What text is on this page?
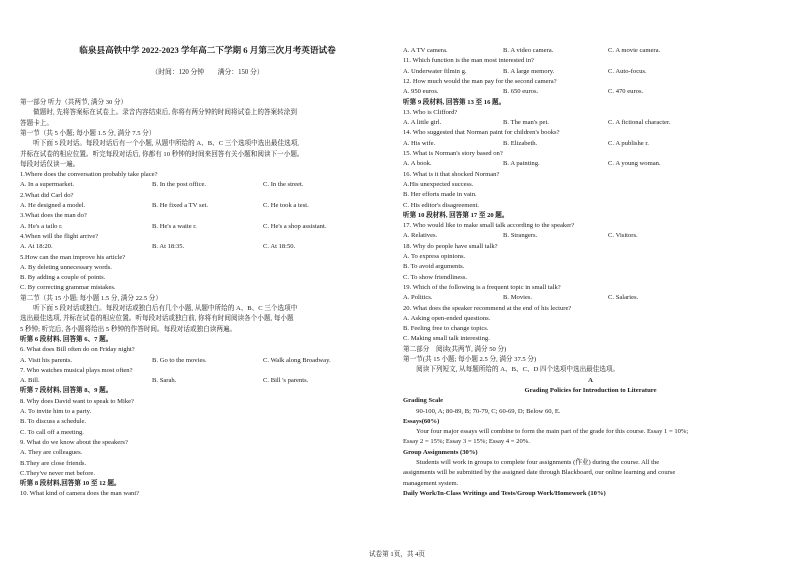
临泉县高铁中学 2022-2023 学年高二下学期 6 月第三次月考英语试卷
（时间：120 分钟　　满分：150 分）
第一部分 听力（共两节, 满分 30 分）
　　做题时, 先将答案标在试卷上。录音内容结束后, 你将有两分钟的时间将试卷上的答案转涂到
答题卡上。
第一节（共 5 小题; 每小题 1.5 分, 满分 7.5 分）
　　听下面 5 段对话。每段对话后有一个小题, 从题中所给的 A、B、C 三个选项中选出最佳选项,
并标在试卷的相应位置。听完每段对话后, 你都有 10 秒钟的时间来回答有关小题和阅读下一小题。
每段对话仅读一遍。
1.Where does the conversation probably take place?
A. In a supermarket.	B. In the post office.	C. In the street.
2.What did Carl do?
A. He designed a model.	B. He fixed a TV set.	C. He took a test.
3.What does the man do?
A. He's a tailo r.	B. He's a waite r.	C. He's a shop assistant.
4.When will the flight arrive?
A. At 18:20.	B. At 18:35.	C. At 18:50.
5.How can the man improve his article?
A. By deleting unnecessary words.
B. By adding a couple of points.
C. By correcting grammar mistakes.
第二节（共 15 小题; 每小题 1.5 分, 满分 22.5 分）
　　听下面 5 段对话或独白。每段对话或独白后有几个小题, 从题中所给的 A、B、C 三个选项中
选出最佳选项, 并标在试卷的相应位置。听每段对话或独白前, 你将有时间阅读各个小题, 每小题
5 秒钟; 听完后, 各小题将给出 5 秒钟的作答时间。每段对话或独白读两遍。
听第 6 段材料, 回答第 6、7 题。
6. What does Bill often do on Friday night?
A. Visit his parents.	B. Go to the movies.	C. Walk along Broadway.
7. Who watches musical plays most often?
A. Bill.	B. Sarah.	C. Bill 's parents.
听第 7 段材料, 回答第 8、9 题。
8. Why does David want to speak to Mike?
A. To invite him to a party.
B. To discuss a schedule.
C. To call off a meeting.
9. What do we know about the speakers?
A. They are colleagues.
B.They are close friends.
C.They've never met before.
听第 8 段材料,回答第 10 至 12 题。
10. What kind of camera does the man want?
A. A TV camera.	B. A video camera.	C. A movie camera.
11. Which function is the man most interested in?
A. Underwater filmin g.	B. A large memory.	C. Auto-focus.
12. How much would the man pay for the second camera?
A. 950 euros.	B. 650 euros.	C. 470 euros.
听第 9 段材料, 回答第 13 至 16 题。
13. Who is Clifford?
A. A little girl.	B. The man's pet.	C. A fictional character.
14. Who suggested that Norman paint for children's books?
A. His wife.	B. Elizabeth.	C. A publishe r.
15. What is Norman's story based on?
A. A book.	B. A painting.	C. A young woman.
16. What is it that shocked Norman?
A.His unexpected success.
B. Her efforts made in vain.
C. His editor's disagreement.
听第 10 段材料, 回答第 17 至 20 题。
17. Who would like to make small talk according to the speaker?
A. Relatives.	B. Strangers.	C. Visitors.
18. Why do people have small talk?
A. To express opinions.
B. To avoid arguments.
C. To show friendliness.
19. Which of the following is a frequent topic in small talk?
A. Politics.	B. Movies.	C. Salaries.
20. What does the speaker recommend at the end of his lecture?
A. Asking open-ended questions.
B. Feeling free to change topics.
C. Making small talk interesting.
第二部分　阅读(共两节, 满分 50 分)
第一节(共 15 小题; 每小题 2.5 分, 满分 37.5 分)
　　阅读下列短文, 从每题所给的 A、B、C、D 四个选项中选出最佳选项。
A
Grading Policies for Introduction to Literature
Grading Scale
　　90-100, A; 80-89, B; 70-79, C; 60-69, D; Below 60, E.
Essays(60%)
　　Your four major essays will combine to form the main part of the grade for this course. Essay 1 = 10%;
Essay 2 = 15%; Essay 3 = 15%; Essay 4 = 20%.
Group Assignments (30%)
　　Students will work in groups to complete four assignments (作业) during the course. All the
assignments will be submitted by the assigned date through Blackboard, our online learning and course
management system.
Daily Work/In-Class Writings and Tests/Group Work/Homework (10%)
试卷第 1页，共 4页
